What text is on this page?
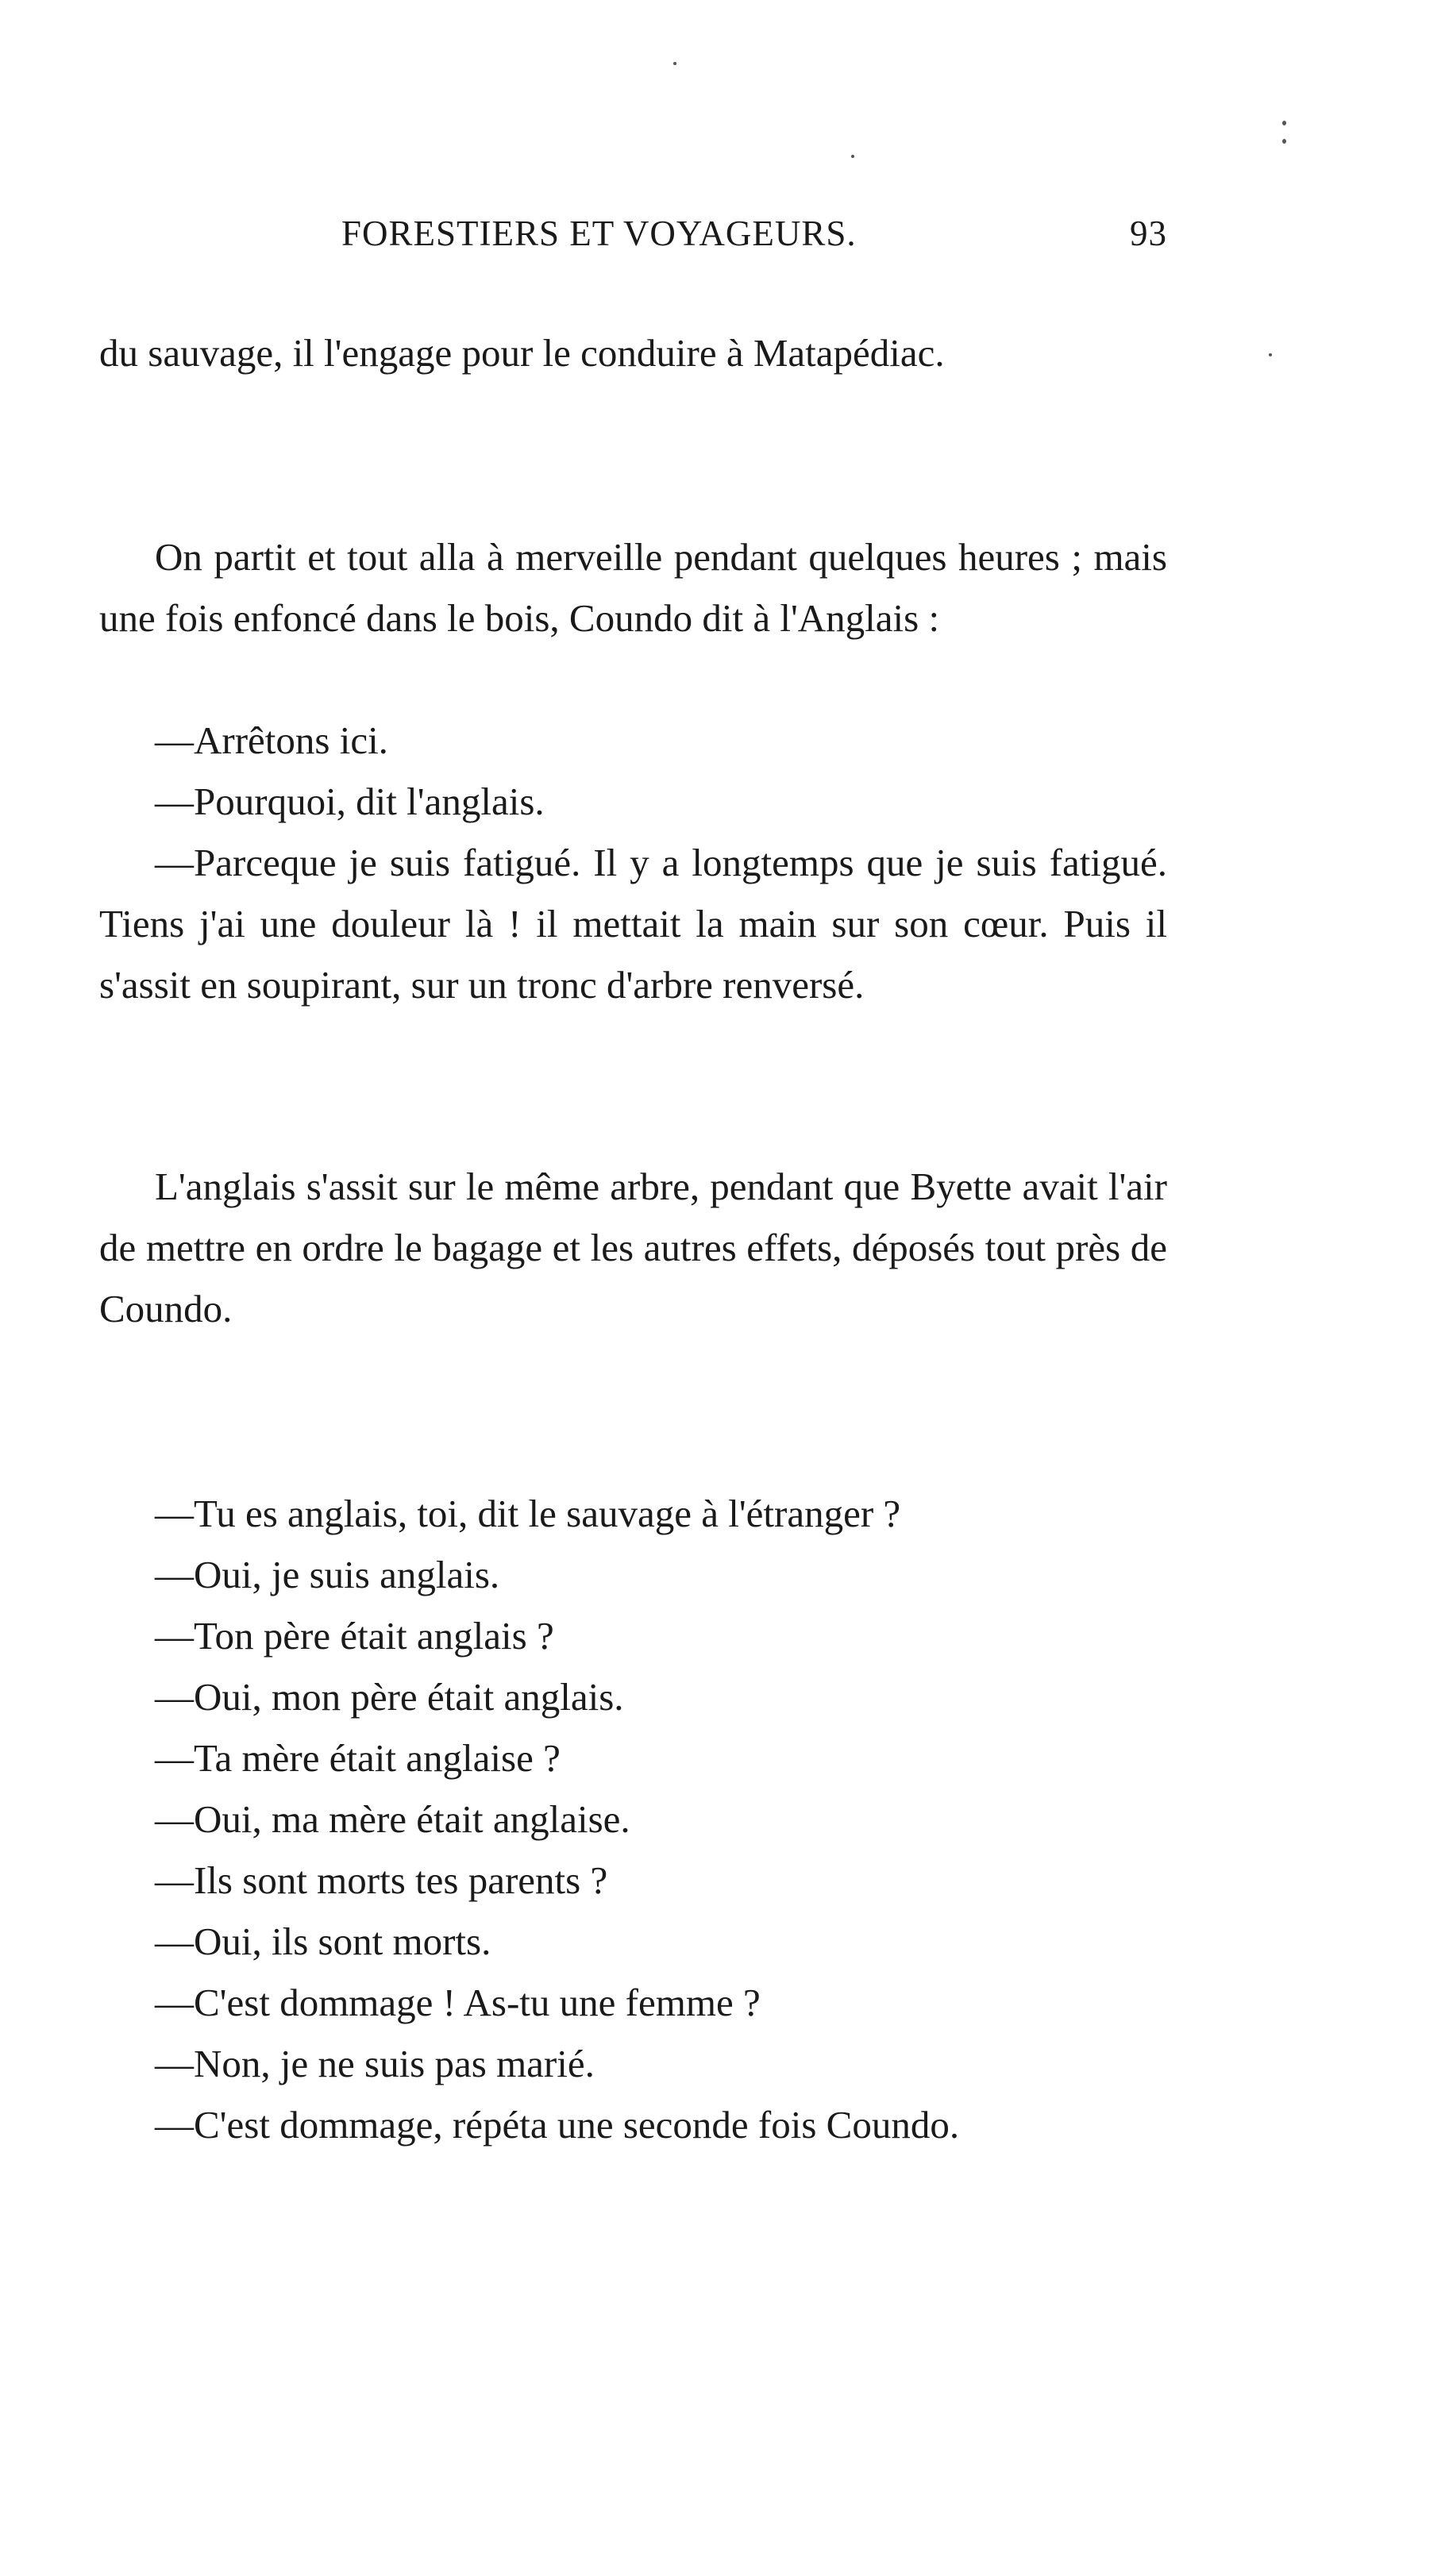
FORESTIERS ET VOYAGEURS.	93

du sauvage, il l'engage pour le conduire à Matapédiac.

On partit et tout alla à merveille pendant quelques heures ; mais une fois enfoncé dans le bois, Coundo dit à l'Anglais :

—Arrêtons ici.
—Pourquoi, dit l'anglais.

—Parceque je suis fatigué. Il y a longtemps que je suis fatigué. Tiens j'ai une douleur là ! il mettait la main sur son cœur. Puis il s'assit en soupirant, sur un tronc d'arbre renversé.

L'anglais s'assit sur le même arbre, pendant que Byette avait l'air de mettre en ordre le bagage et les autres effets, déposés tout près de Coundo.

—Tu es anglais, toi, dit le sauvage à l'étranger ?
—Oui, je suis anglais.
—Ton père était anglais ?
—Oui, mon père était anglais.
—Ta mère était anglaise ?
—Oui, ma mère était anglaise.
—Ils sont morts tes parents ?
—Oui, ils sont morts.
—C'est dommage ! As-tu une femme ?
—Non, je ne suis pas marié.
—C'est dommage, répéta une seconde fois Coundo.
